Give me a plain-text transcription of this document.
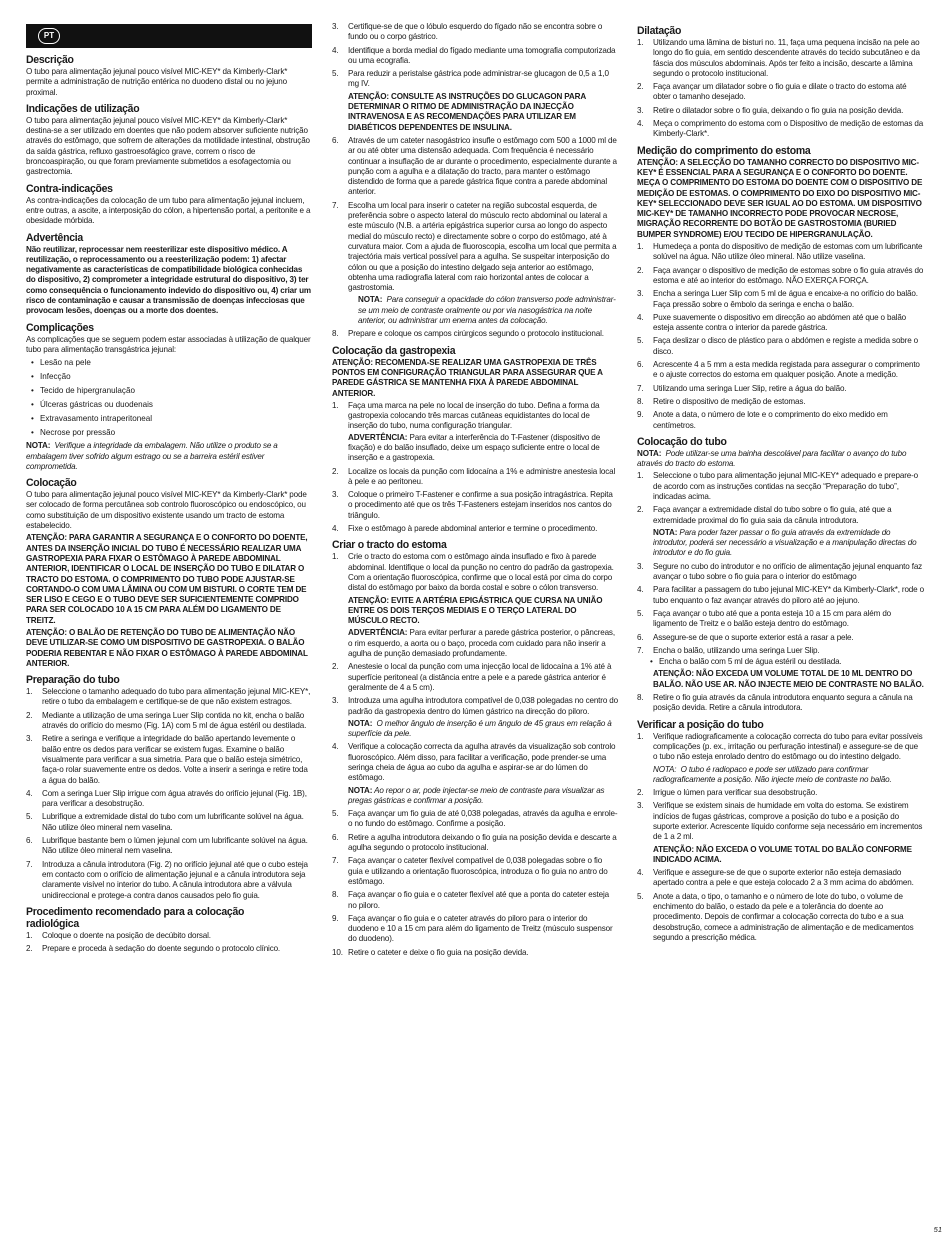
PT
Descrição

O tubo para alimentação jejunal pouco visível MIC-KEY* da Kimberly-Clark* permite a administração de nutrição entérica no duodeno distal ou no jejuno proximal.

Indicações de utilização

O tubo para alimentação jejunal pouco visível MIC-KEY* da Kimberly-Clark* destina-se a ser utilizado em doentes que não podem absorver suficiente nutrição através do estômago, que sofrem de alterações da motilidade intestinal, obstrução da saída gástrica, refluxo gastroesofágico grave, correm o risco de broncoaspiração, ou que foram previamente submetidos a esofagectomia ou gastrectomia.

Contra-indicações

As contra-indicações da colocação de um tubo para alimentação jejunal incluem, entre outras, a ascite, a interposição do cólon, a hipertensão portal, a peritonite e a obesidade mórbida.

Advertência

Não reutilizar, reprocessar nem reesterilizar este dispositivo médico. A reutilização, o reprocessamento ou a reesterilização podem: 1) afectar negativamente as características de compatibilidade biológica conhecidas do dispositivo, 2) comprometer a integridade estrutural do dispositivo, 3) ter como consequência o funcionamento indevido do dispositivo ou, 4) criar um risco de contaminação e causar a transmissão de doenças infecciosas que provocam lesões, doenças ou a morte dos doentes.

Complicações

As complicações que se seguem podem estar associadas à utilização de qualquer tubo para alimentação transgástrica jejunal:

• Lesão na pele
• Infecção
• Tecido de hipergranulação
• Úlceras gástricas ou duodenais
• Extravasamento intraperitoneal
• Necrose por pressão

NOTA: Verifique a integridade da embalagem. Não utilize o produto se a embalagem tiver sofrido algum estrago ou se a barreira estéril estiver comprometida.

Colocação

O tubo para alimentação jejunal pouco visível MIC-KEY* da Kimberly-Clark* pode ser colocado de forma percutânea sob controlo fluoroscópico ou endoscópico, ou como substituição de um dispositivo existente usando um tracto de estoma estabelecido.

ATENÇÃO: PARA GARANTIR A SEGURANÇA E O CONFORTO DO DOENTE, ANTES DA INSERÇÃO INICIAL DO TUBO É NECESSÁRIO REALIZAR UMA GASTROPEXIA PARA FIXAR O ESTÔMAGO À PAREDE ABDOMINAL ANTERIOR, IDENTIFICAR O LOCAL DE INSERÇÃO DO TUBO E DILATAR O TRACTO DO ESTOMA. O COMPRIMENTO DO TUBO PODE AJUSTAR-SE CORTANDO-O COM UMA LÂMINA OU COM UM BISTURI. O CORTE TEM DE SER LISO E CEGO E O TUBO DEVE SER SUFICIENTEMENTE COMPRIDO PARA SER COLOCADO 10 A 15 CM PARA ALÉM DO LIGAMENTO DE TREITZ.

ATENÇÃO: O BALÃO DE RETENÇÃO DO TUBO DE ALIMENTAÇÃO NÃO DEVE UTILIZAR-SE COMO UM DISPOSITIVO DE GASTROPEXIA. O BALÃO PODERIA REBENTAR E NÃO FIXAR O ESTÔMAGO À PAREDE ABDOMINAL ANTERIOR.

Preparação do tubo
1. Seleccione o tamanho adequado do tubo para alimentação jejunal MIC-KEY*, retire o tubo da embalagem e certifique-se de que não existem estragos.
2. Mediante a utilização de uma seringa Luer Slip contida no kit, encha o balão através do orifício do mesmo (Fig. 1A) com 5 ml de água estéril ou destilada.
3. Retire a seringa e verifique a integridade do balão apertando levemente o balão entre os dedos para verificar se existem fugas. Examine o balão visualmente para verificar a sua simetria. Para que o balão esteja simétrico, faça-o rolar suavemente entre os dedos. Volte a inserir a seringa e retire toda a água do balão.
4. Com a seringa Luer Slip irrigue com água através do orifício jejunal (Fig. 1B), para verificar a desobstrução.
5. Lubrifique a extremidade distal do tubo com um lubrificante solúvel na água. Não utilize óleo mineral nem vaselina.
6. Lubrifique bastante bem o lúmen jejunal com um lubrificante solúvel na água. Não utilize óleo mineral nem vaselina.
7. Introduza a cânula introdutora (Fig. 2) no orifício jejunal até que o cubo esteja em contacto com o orifício de alimentação jejunal e a cânula introdutora seja claramente visível no interior do tubo. A cânula introdutora abre a válvula unidireccional e protege-a contra danos causados pelo fio guia.
Procedimento recomendado para a colocação radiológica
1. Coloque o doente na posição de decúbito dorsal.
2. Prepare e proceda à sedação do doente segundo o protocolo clínico.
3. Certifique-se de que o lóbulo esquerdo do fígado não se encontra sobre o fundo ou o corpo gástrico.
4. Identifique a borda medial do fígado mediante uma tomografia computorizada ou uma ecografia.
5. Para reduzir a peristalse gástrica pode administrar-se glucagon de 0,5 a 1,0 mg IV.

ATENÇÃO: CONSULTE AS INSTRUÇÕES DO GLUCAGON PARA DETERMINAR O RITMO DE ADMINISTRAÇÃO DA INJECÇÃO INTRAVENOSA E AS RECOMENDAÇÕES PARA UTILIZAR EM DIABÉTICOS DEPENDENTES DE INSULINA.

6. Através de um cateter nasogástrico insufle o estômago com 500 a 1000 ml de ar ou até obter uma distensão adequada. Com frequência é necessário continuar a insuflação de ar durante o procedimento, especialmente durante a punção com a agulha e a dilatação do tracto, para manter o estômago distendido de forma que a parede gástrica fique contra a parede abdominal anterior.
7. Escolha um local para inserir o cateter na região subcostal esquerda, de preferência sobre o aspecto lateral do músculo recto abdominal ou lateral a este músculo (N.B. a artéria epigástrica superior cursa ao longo do aspecto medial do músculo recto) e directamente sobre o corpo do estômago, até à curvatura maior. Com a ajuda de fluoroscopia, escolha um local que permita a trajectória mais vertical possível para a agulha. Se suspeitar interposição do cólon ou que a posição do intestino delgado seja anterior ao estômago, obtenha uma radiografia lateral com raio horizontal antes de colocar a gastrostomia.

NOTA: Para conseguir a opacidade do cólon transverso pode administrar-se um meio de contraste oralmente ou por via nasogástrica na noite anterior, ou administrar um enema antes da colocação.

8. Prepare e coloque os campos cirúrgicos segundo o protocolo institucional.
Colocação da gastropexia

ATENÇÃO: RECOMENDA-SE REALIZAR UMA GASTROPEXIA DE TRÊS PONTOS EM CONFIGURAÇÃO TRIANGULAR PARA ASSEGURAR QUE A PAREDE GÁSTRICA SE MANTENHA FIXA À PAREDE ABDOMINAL ANTERIOR.

1. Faça uma marca na pele no local de inserção do tubo. Defina a forma da gastropexia colocando três marcas cutâneas equidistantes do local de inserção do tubo, numa configuração triangular.

ADVERTÊNCIA: Para evitar a interferência do T-Fastener (dispositivo de fixação) e do balão insuflado, deixe um espaço suficiente entre o local de inserção e a gastropexia.

2. Localize os locais da punção com lidocaína a 1% e administre anestesia local à pele e ao peritoneu.
3. Coloque o primeiro T-Fastener e confirme a sua posição intragástrica. Repita o procedimento até que os três T-Fasteners estejam inseridos nos cantos do triângulo.
4. Fixe o estômago à parede abdominal anterior e termine o procedimento.
Criar o tracto do estoma
1. Crie o tracto do estoma com o estômago ainda insuflado e fixo à parede abdominal. Identifique o local da punção no centro do padrão da gastropexia. Com a orientação fluoroscópica, confirme que o local está por cima do corpo distal do estômago por baixo da borda costal e sobre o cólon transverso.

ATENÇÃO: EVITE A ARTÉRIA EPIGÁSTRICA QUE CURSA NA UNIÃO ENTRE OS DOIS TERÇOS MEDIAIS E O TERÇO LATERAL DO MÚSCULO RECTO.

ADVERTÊNCIA: Para evitar perfurar a parede gástrica posterior, o pâncreas, o rim esquerdo, a aorta ou o baço, proceda com cuidado para não inserir a agulha de punção demasiado profundamente.

2. Anestesie o local da punção com uma injecção local de lidocaína a 1% até à superfície peritoneal (a distância entre a pele e a parede gástrica anterior é geralmente de 4 a 5 cm).
3. Introduza uma agulha introdutora compatível de 0,038 polegadas no centro do padrão da gastropexia dentro do lúmen gástrico na direcção do piloro.

NOTA: O melhor ângulo de inserção é um ângulo de 45 graus em relação à superfície da pele.

4. Verifique a colocação correcta da agulha através da visualização sob controlo fluoroscópico. Além disso, para facilitar a verificação, pode prender-se uma seringa cheia de água ao cubo da agulha e aspirar-se ar do lúmen do estômago.

NOTA: Ao repor o ar, pode injectar-se meio de contraste para visualizar as pregas gástricas e confirmar a posição.

5. Faça avançar um fio guia de até 0,038 polegadas, através da agulha e enrole-o no fundo do estômago. Confirme a posição.
6. Retire a agulha introdutora deixando o fio guia na posição devida e descarte a agulha segundo o protocolo institucional.
7. Faça avançar o cateter flexível compatível de 0,038 polegadas sobre o fio guia e utilizando a orientação fluoroscópica, introduza o fio guia no antro do estômago.
8. Faça avançar o fio guia e o cateter flexível até que a ponta do cateter esteja no piloro.
9. Faça avançar o fio guia e o cateter através do piloro para o interior do duodeno e 10 a 15 cm para além do ligamento de Treitz (músculo suspensor do duodeno).
10. Retire o cateter e deixe o fio guia na posição devida.
Dilatação
1. Utilizando uma lâmina de bisturi no. 11, faça uma pequena incisão na pele ao longo do fio guia, em sentido descendente através do tecido subcutâneo e da fáscia dos músculos abdominais. Após ter feito a incisão, descarte a lâmina segundo o protocolo institucional.
2. Faça avançar um dilatador sobre o fio guia e dilate o tracto do estoma até obter o tamanho desejado.
3. Retire o dilatador sobre o fio guia, deixando o fio guia na posição devida.
4. Meça o comprimento do estoma com o Dispositivo de medição de estomas da Kimberly-Clark*.
Medição do comprimento do estoma

ATENÇÃO: A SELECÇÃO DO TAMANHO CORRECTO DO DISPOSITIVO MIC-KEY* É ESSENCIAL PARA A SEGURANÇA E O CONFORTO DO DOENTE. MEÇA O COMPRIMENTO DO ESTOMA DO DOENTE COM O DISPOSITIVO DE MEDIÇÃO DE ESTOMAS. O COMPRIMENTO DO EIXO DO DISPOSITIVO MIC-KEY* SELECCIONADO DEVE SER IGUAL AO DO ESTOMA. UM DISPOSITIVO MIC-KEY* DE TAMANHO INCORRECTO PODE PROVOCAR NECROSE, MIGRAÇÃO RECORRENTE DO BOTÃO DE GASTROSTOMIA (BURIED BUMPER SYNDROME) E/OU TECIDO DE HIPERGRANULAÇÃO.

1. Humedeça a ponta do dispositivo de medição de estomas com um lubrificante solúvel na água. Não utilize óleo mineral. Não utilize vaselina.
2. Faça avançar o dispositivo de medição de estomas sobre o fio guia através do estoma e até ao interior do estômago. NÃO EXERÇA FORÇA.
3. Encha a seringa Luer Slip com 5 ml de água e encaixe-a no orifício do balão. Faça pressão sobre o êmbolo da seringa e encha o balão.
4. Puxe suavemente o dispositivo em direcção ao abdómen até que o balão esteja assente contra o interior da parede gástrica.
5. Faça deslizar o disco de plástico para o abdómen e registe a medida sobre o disco.
6. Acrescente 4 a 5 mm a esta medida registada para assegurar o comprimento e o ajuste correctos do estoma em qualquer posição. Anote a medição.
7. Utilizando uma seringa Luer Slip, retire a água do balão.
8. Retire o dispositivo de medição de estomas.
9. Anote a data, o número de lote e o comprimento do eixo medido em centímetros.
Colocação do tubo

NOTA: Pode utilizar-se uma bainha descolável para facilitar o avanço do tubo através do tracto do estoma.

1. Seleccione o tubo para alimentação jejunal MIC-KEY* adequado e prepare-o de acordo com as instruções contidas na secção “Preparação do tubo”, indicadas acima.
2. Faça avançar a extremidade distal do tubo sobre o fio guia, até que a extremidade proximal do fio guia saia da cânula introdutora.

NOTA: Para poder fazer passar o fio guia através da extremidade do introdutor, poderá ser necessário a visualização e a manipulação directas do introdutor e do fio guia.

3. Segure no cubo do introdutor e no orifício de alimentação jejunal enquanto faz avançar o tubo sobre o fio guia para o interior do estômago
4. Para facilitar a passagem do tubo jejunal MIC-KEY* da Kimberly-Clark*, rode o tubo enquanto o faz avançar através do piloro até ao jejuno.
5. Faça avançar o tubo até que a ponta esteja 10 a 15 cm para além do ligamento de Treitz e o balão esteja dentro do estômago.
6. Assegure-se de que o suporte exterior está a rasar a pele.
7. Encha o balão, utilizando uma seringa Luer Slip.
• Encha o balão com 5 ml de água estéril ou destilada.

ATENÇÃO: NÃO EXCEDA UM VOLUME TOTAL DE 10 ML DENTRO DO BALÃO. NÃO USE AR. NÃO INJECTE MEIO DE CONTRASTE NO BALÃO.

8. Retire o fio guia através da cânula introdutora enquanto segura a cânula na posição devida. Retire a cânula introdutora.
Verificar a posição do tubo
1. Verifique radiograficamente a colocação correcta do tubo para evitar possíveis complicações (p. ex., irritação ou perfuração intestinal) e assegure-se de que o tubo não esteja enrolado dentro do estômago ou do intestino delgado.

NOTA: O tubo é radiopaco e pode ser utilizado para confirmar radiograficamente a posição. Não injecte meio de contraste no balão.

2. Irrigue o lúmen para verificar sua desobstrução.
3. Verifique se existem sinais de humidade em volta do estoma. Se existirem indícios de fugas gástricas, comprove a posição do tubo e a posição do suporte exterior. Acrescente líquido conforme seja necessário em incrementos de 1 a 2 ml.

ATENÇÃO: NÃO EXCEDA O VOLUME TOTAL DO BALÃO CONFORME INDICADO ACIMA.

4. Verifique e assegure-se de que o suporte exterior não esteja demasiado apertado contra a pele e que esteja colocado 2 a 3 mm acima do abdómen.
5. Anote a data, o tipo, o tamanho e o número de lote do tubo, o volume de enchimento do balão, o estado da pele e a tolerância do doente ao procedimento. Depois de confirmar a colocação correcta do tubo e a sua desobstrução, comece a administração de alimentação e de medicamentos segundo a prescrição médica.
51
